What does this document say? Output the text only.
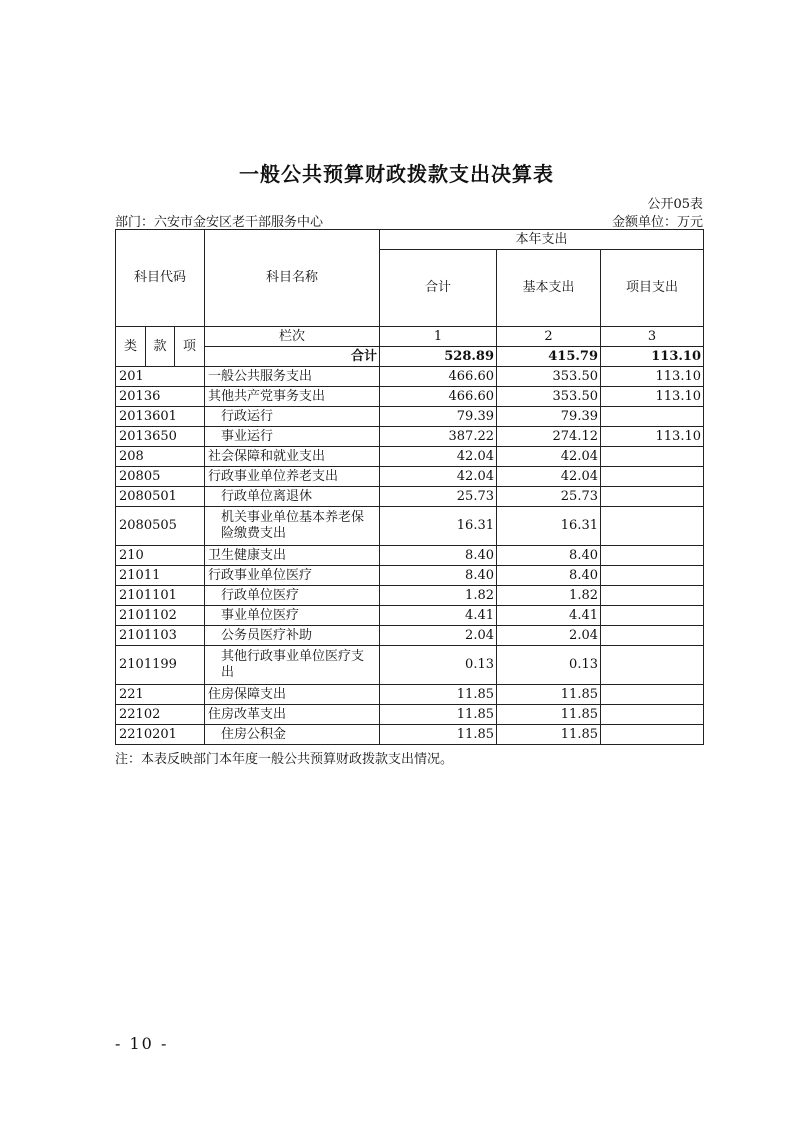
一般公共预算财政拨款支出决算表
公开05表
部门：六安市金安区老干部服务中心	金额单位：万元
科目代码			科目名称	本年支出		
				合计	基本支出	项目支出
类	款	项	栏次	1	2	3
			合计	528.89	415.79	113.10
201			一般公共服务支出	466.60	353.50	113.10
20136			其他共产党事务支出	466.60	353.50	113.10
2013601			行政运行	79.39	79.39	
2013650			事业运行	387.22	274.12	113.10
208			社会保障和就业支出	42.04	42.04	
20805			行政事业单位养老支出	42.04	42.04	
2080501			行政单位离退休	25.73	25.73	
2080505			机关事业单位基本养老保险缴费支出	16.31	16.31	
210			卫生健康支出	8.40	8.40	
21011			行政事业单位医疗	8.40	8.40	
2101101			行政单位医疗	1.82	1.82	
2101102			事业单位医疗	4.41	4.41	
2101103			公务员医疗补助	2.04	2.04	
2101199			其他行政事业单位医疗支出	0.13	0.13	
221			住房保障支出	11.85	11.85	
22102			住房改革支出	11.85	11.85	
2210201			住房公积金	11.85	11.85	
注：本表反映部门本年度一般公共预算财政拨款支出情况。
- 10 -
